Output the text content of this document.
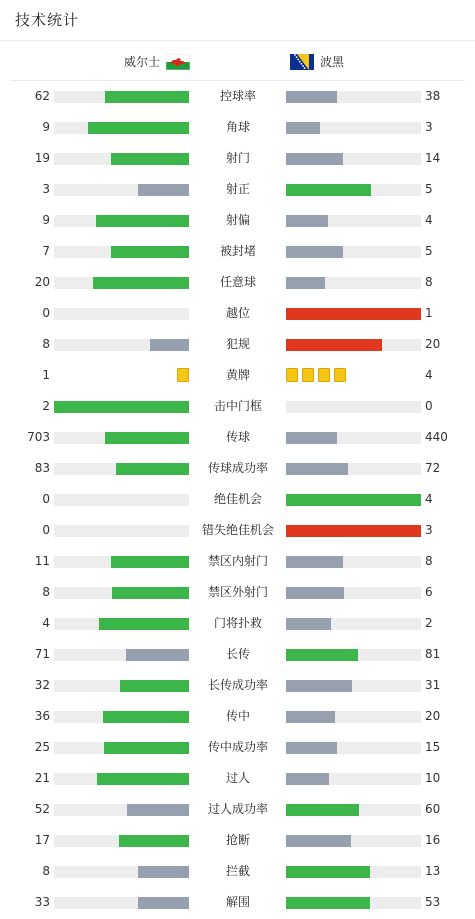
技术统计
威尔士	波黑
62	控球率	38
9	角球	3
19	射门	14
3	射正	5
9	射偏	4
7	被封堵	5
20	任意球	8
0	越位	1
8	犯规	20
1	黄牌	4
2	击中门框	0
703	传球	440
83	传球成功率	72
0	绝佳机会	4
0	错失绝佳机会	3
11	禁区内射门	8
8	禁区外射门	6
4	门将扑救	2
71	长传	81
32	长传成功率	31
36	传中	20
25	传中成功率	15
21	过人	10
52	过人成功率	60
17	抢断	16
8	拦截	13
33	解围	53
